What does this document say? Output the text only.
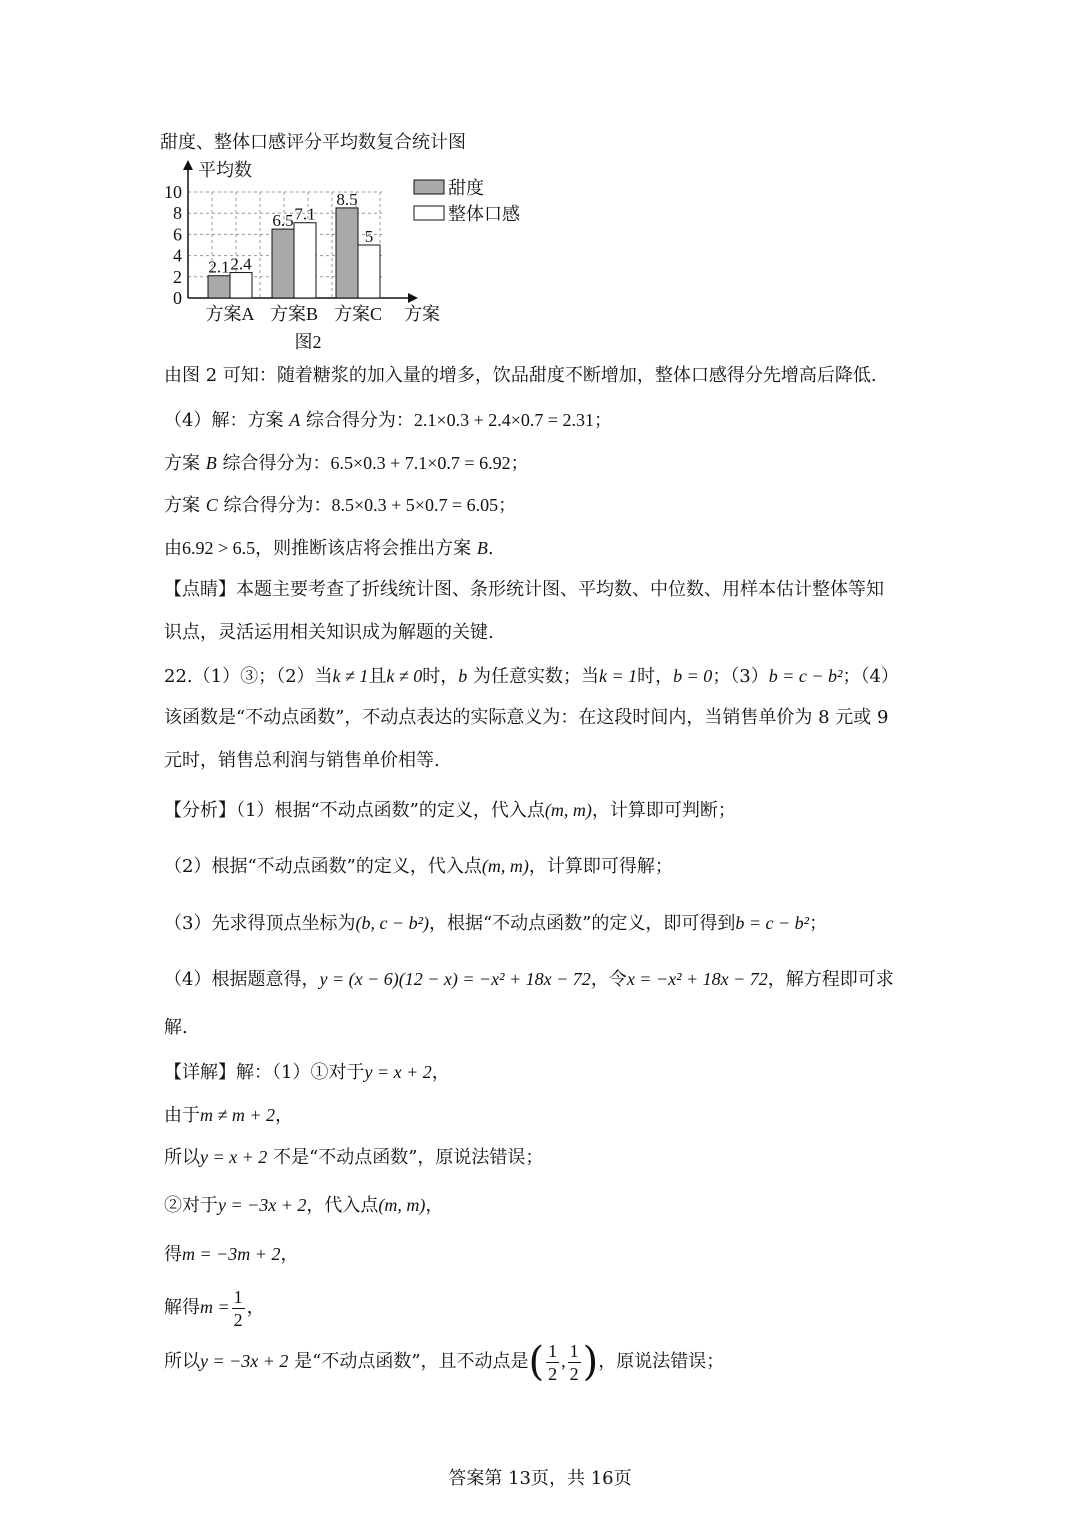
甜度、整体口感评分平均数复合统计图
平均数
方案
0
2
4
6
8
10
2.1 2.4
方案A
6.5 7.1
方案B
8.5
5
方案C
图2
甜度
整体口感
由图 2 可知：随着糖浆的加入量的增多，饮品甜度不断增加，整体口感得分先增高后降低.
（4）解：方案 A 综合得分为：2.1×0.3 + 2.4×0.7 = 2.31；
方案 B 综合得分为：6.5×0.3 + 7.1×0.7 = 6.92；
方案 C 综合得分为：8.5×0.3 + 5×0.7 = 6.05；
由6.92 > 6.5，则推断该店将会推出方案 B.
【点睛】本题主要考查了折线统计图、条形统计图、平均数、中位数、用样本估计整体等知
识点，灵活运用相关知识成为解题的关键.
22.（1）③；（2）当k ≠ 1且k ≠ 0时，b 为任意实数；当k = 1时，b = 0；（3）b = c − b²；（4）
该函数是“不动点函数”，不动点表达的实际意义为：在这段时间内，当销售单价为 8 元或 9
元时，销售总利润与销售单价相等.
【分析】（1）根据“不动点函数”的定义，代入点(m, m)，计算即可判断；
（2）根据“不动点函数”的定义，代入点(m, m)，计算即可得解；
（3）先求得顶点坐标为(b, c − b²)，根据“不动点函数”的定义，即可得到b = c − b²；
（4）根据题意得，y = (x − 6)(12 − x) = −x² + 18x − 72，令x = −x² + 18x − 72，解方程即可求
解.
【详解】解：（1）①对于y = x + 2，
由于m ≠ m + 2，
所以y = x + 2 不是“不动点函数”，原说法错误；
②对于y = −3x + 2，代入点(m, m)，
得m = −3m + 2，
解得$m = \frac{1}{2}$ ，
所以y = −3x + 2 是“不动点函数”，且不动点是( $\frac{1}{2}$ , $\frac{1}{2}$ )，原说法错误；
答案第 13页，共 16页
